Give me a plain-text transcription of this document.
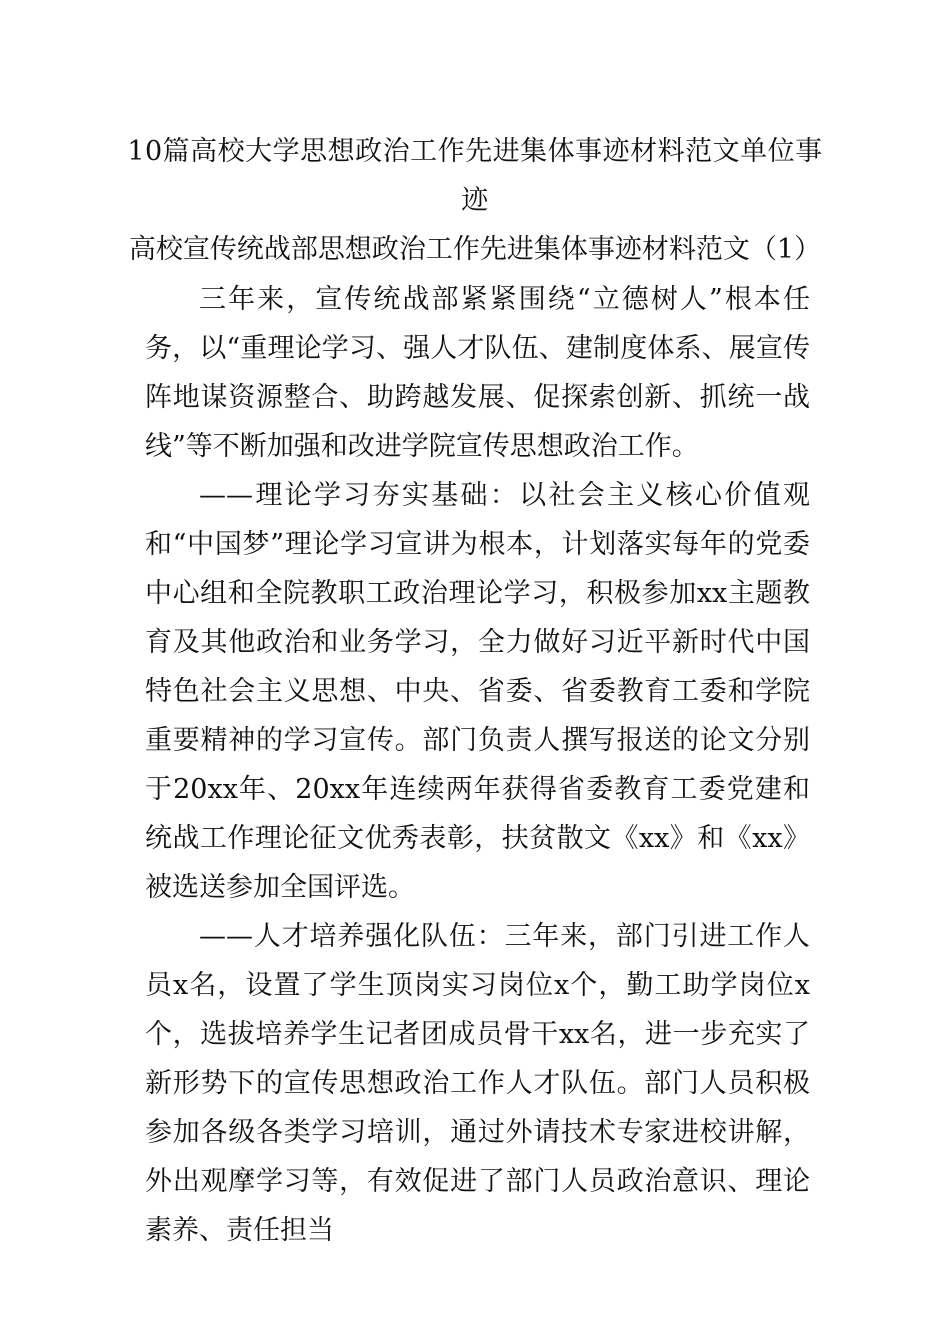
10篇高校大学思想政治工作先进集体事迹材料范文单位事迹
高校宣传统战部思想政治工作先进集体事迹材料范文（1）

三年来，宣传统战部紧紧围绕“立德树人”根本任务，以“重理论学习、强人才队伍、建制度体系、展宣传阵地谋资源整合、助跨越发展、促探索创新、抓统一战线”等不断加强和改进学院宣传思想政治工作。

——理论学习夯实基础：以社会主义核心价值观和“中国梦”理论学习宣讲为根本，计划落实每年的党委中心组和全院教职工政治理论学习，积极参加xx主题教育及其他政治和业务学习，全力做好习近平新时代中国特色社会主义思想、中央、省委、省委教育工委和学院重要精神的学习宣传。部门负责人撰写报送的论文分别于20xx年、20xx年连续两年获得省委教育工委党建和统战工作理论征文优秀表彰，扶贫散文《xx》和《xx》被选送参加全国评选。

——人才培养强化队伍：三年来，部门引进工作人员x名，设置了学生顶岗实习岗位x个，勤工助学岗位x个，选拔培养学生记者团成员骨干xx名，进一步充实了新形势下的宣传思想政治工作人才队伍。部门人员积极参加各级各类学习培训，通过外请技术专家进校讲解，外出观摩学习等，有效促进了部门人员政治意识、理论素养、责任担当
